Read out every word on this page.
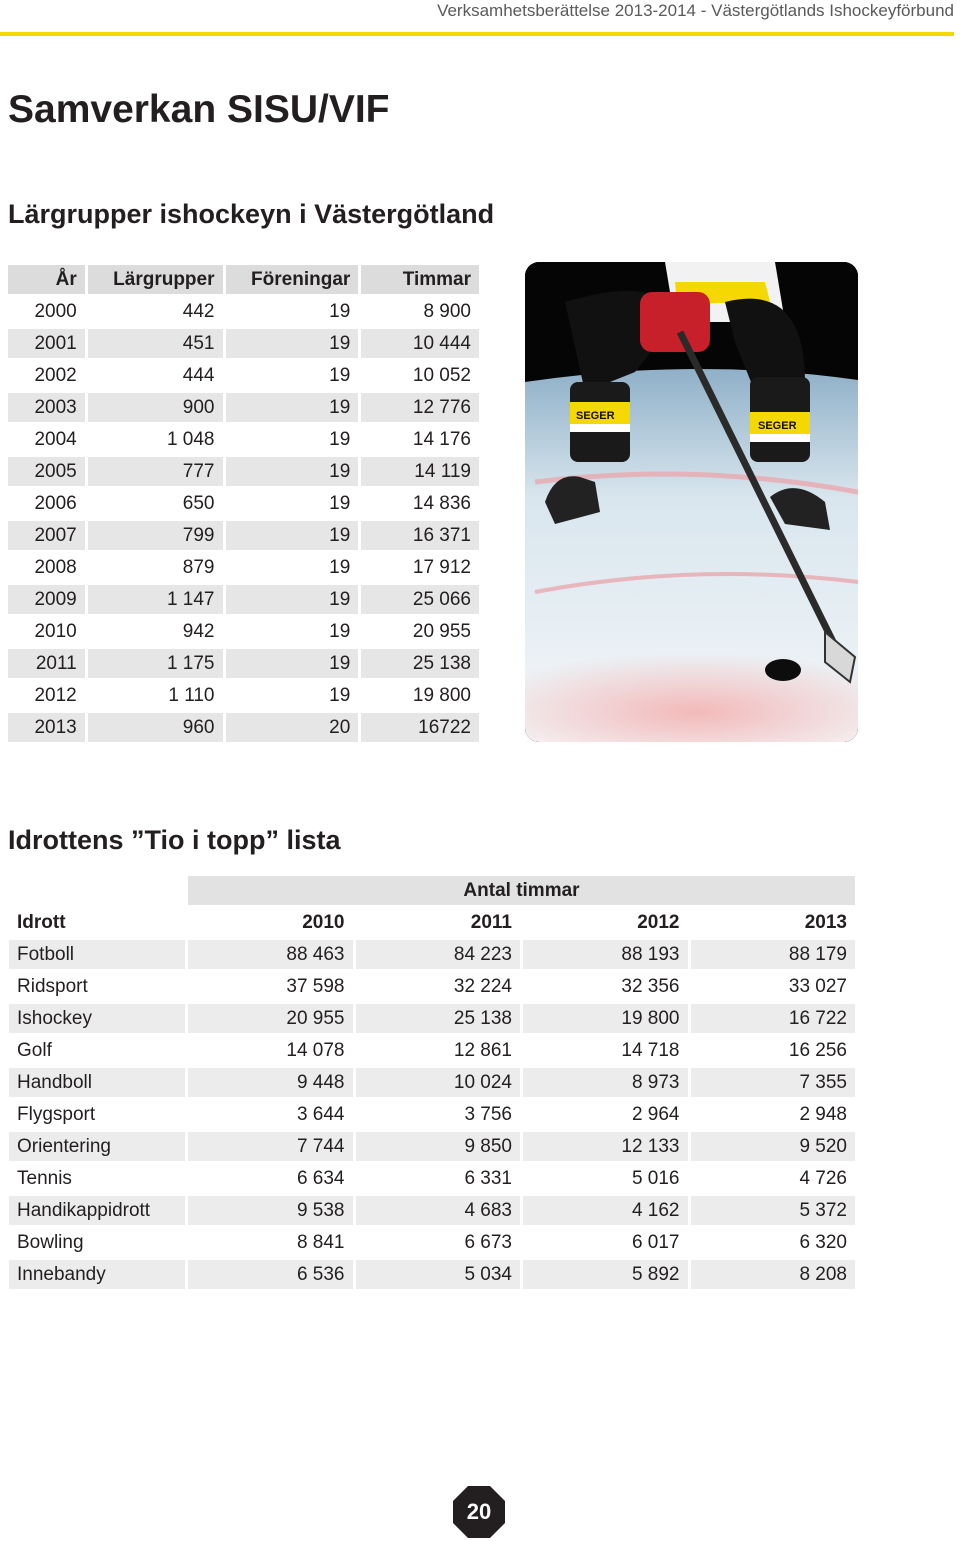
Verksamhetsberättelse 2013-2014 - Västergötlands Ishockeyförbund
Samverkan SISU/VIF
Lärgrupper ishockeyn i Västergötland
År	Lärgrupper	Föreningar	Timmar
2000	442	19	8 900
2001	451	19	10 444
2002	444	19	10 052
2003	900	19	12 776
2004	1 048	19	14 176
2005	777	19	14 119
2006	650	19	14 836
2007	799	19	16 371
2008	879	19	17 912
2009	1 147	19	25 066
2010	942	19	20 955
2011	1 175	19	25 138
2012	1 110	19	19 800
2013	960	20	16722
SEGER
SEGER
Idrottens ”Tio i topp” lista
	Antal timmar			
Idrott	2010	2011	2012	2013
Fotboll	88 463	84 223	88 193	88 179
Ridsport	37 598	32 224	32 356	33 027
Ishockey	20 955	25 138	19 800	16 722
Golf	14 078	12 861	14 718	16 256
Handboll	9 448	10 024	8 973	7 355
Flygsport	3 644	3 756	2 964	2 948
Orientering	7 744	9 850	12 133	9 520
Tennis	6 634	6 331	5 016	4 726
Handikappidrott	9 538	4 683	4 162	5 372
Bowling	8 841	6 673	6 017	6 320
Innebandy	6 536	5 034	5 892	8 208
20
